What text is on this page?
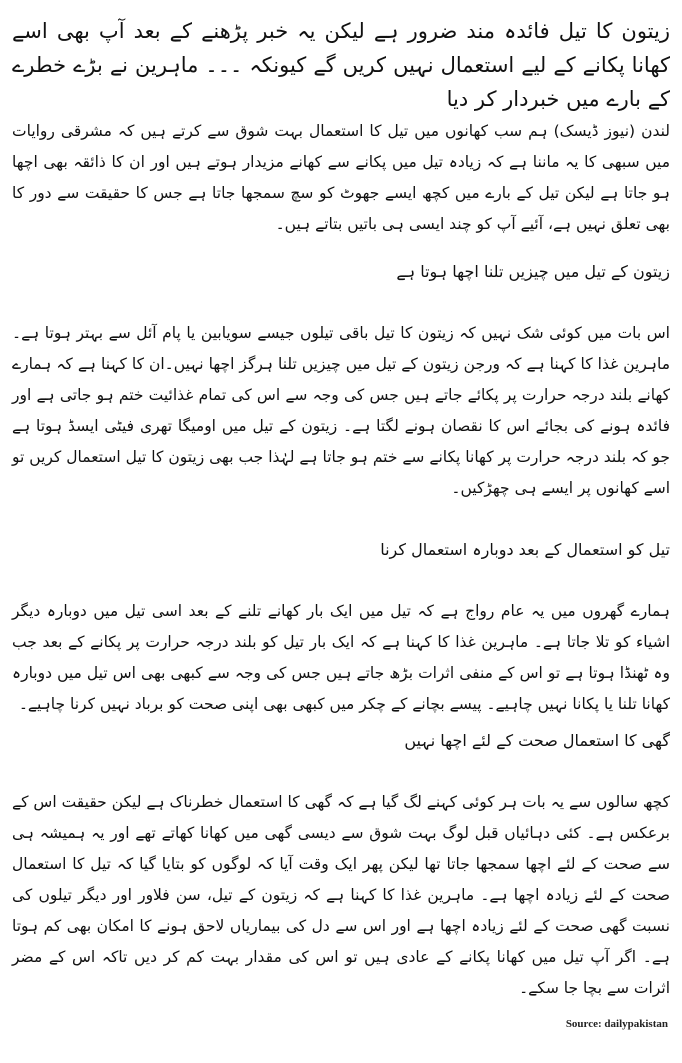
زیتون کا تیل فائدہ مند ضرور ہے لیکن یہ خبر پڑھنے کے بعد آپ بھی اسے کھانا پکانے کے لیے استعمال نہیں کریں گے کیونکہ ۔۔۔ ماہرین نے بڑے خطرے کے بارے میں خبردار کر دیا

لندن (نیوز ڈیسک) ہم سب کھانوں میں تیل کا استعمال بہت شوق سے کرتے ہیں کہ مشرقی روایات میں سبھی کا یہ ماننا ہے کہ زیادہ تیل میں پکانے سے کھانے مزیدار ہوتے ہیں اور ان کا ذائقہ بھی اچھا ہو جاتا ہے لیکن تیل کے بارے میں کچھ ایسے جھوٹ کو سچ سمجھا جاتا ہے جس کا حقیقت سے دور کا بھی تعلق نہیں ہے، آئیے آپ کو چند ایسی ہی باتیں بتاتے ہیں۔

زیتون کے تیل میں چیزیں تلنا اچھا ہوتا ہے

اس بات میں کوئی شک نہیں کہ زیتون کا تیل باقی تیلوں جیسے سویابین یا پام آئل سے بہتر ہوتا ہے۔ماہرین غذا کا کہنا ہے کہ ورجن زیتون کے تیل میں چیزیں تلنا ہرگز اچھا نہیں۔ان کا کہنا ہے کہ ہمارے کھانے بلند درجہ حرارت پر پکائے جاتے ہیں جس کی وجہ سے اس کی تمام غذائیت ختم ہو جاتی ہے اور فائدہ ہونے کی بجائے اس کا نقصان ہونے لگتا ہے۔ زیتون کے تیل میں اومیگا تھری فیٹی ایسڈ ہوتا ہے جو کہ بلند درجہ حرارت پر کھانا پکانے سے ختم ہو جاتا ہے لہٰذا جب بھی زیتون کا تیل استعمال کریں تو اسے کھانوں پر ایسے ہی چھڑکیں۔

تیل کو استعمال کے بعد دوبارہ استعمال کرنا

ہمارے گھروں میں یہ عام رواج ہے کہ تیل میں ایک بار کھانے تلنے کے بعد اسی تیل میں دوبارہ دیگر اشیاء کو تلا جاتا ہے۔ ماہرین غذا کا کہنا ہے کہ ایک بار تیل کو بلند درجہ حرارت پر پکانے کے بعد جب وہ ٹھنڈا ہوتا ہے تو اس کے منفی اثرات بڑھ جاتے ہیں جس کی وجہ سے کبھی بھی اس تیل میں دوبارہ کھانا تلنا یا پکانا نہیں چاہیے۔ پیسے بچانے کے چکر میں کبھی بھی اپنی صحت کو برباد نہیں کرنا چاہیے۔

گھی کا استعمال صحت کے لئے اچھا نہیں

کچھ سالوں سے یہ بات ہر کوئی کہنے لگ گیا ہے کہ گھی کا استعمال خطرناک ہے لیکن حقیقت اس کے برعکس ہے۔ کئی دہائیاں قبل لوگ بہت شوق سے دیسی گھی میں کھانا کھاتے تھے اور یہ ہمیشہ ہی سے صحت کے لئے اچھا سمجھا جاتا تھا لیکن پھر ایک وقت آیا کہ لوگوں کو بتایا گیا کہ تیل کا استعمال صحت کے لئے زیادہ اچھا ہے۔ ماہرین غذا کا کہنا ہے کہ زیتون کے تیل، سن فلاور اور دیگر تیلوں کی نسبت گھی صحت کے لئے زیادہ اچھا ہے اور اس سے دل کی بیماریاں لاحق ہونے کا امکان بھی کم ہوتا ہے۔ اگر آپ تیل میں کھانا پکانے کے عادی ہیں تو اس کی مقدار بہت کم کر دیں تاکہ اس کے مضر اثرات سے بچا جا سکے۔

Source: dailypakistan
